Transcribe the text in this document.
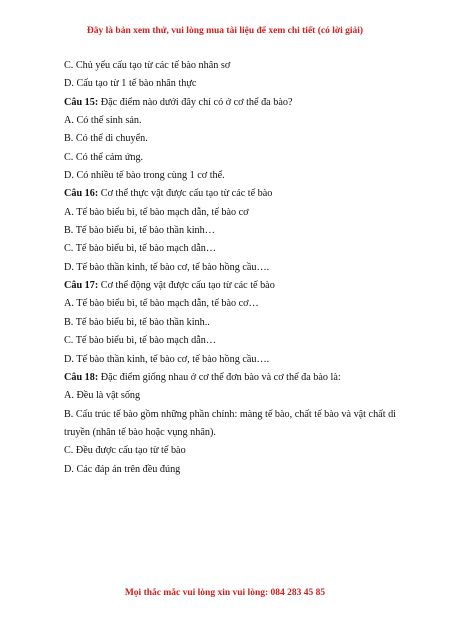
Đây là bản xem thử, vui lòng mua tài liệu để xem chi tiết (có lời giải)
C. Chủ yếu cấu tạo từ các tế bào nhân sơ
D. Cấu tạo từ 1 tế bào nhân thực
Câu 15: Đặc điểm nào dưới đây chỉ có ở cơ thể đa bào?
A. Có thể sinh sản.
B. Có thể di chuyển.
C. Có thể cảm ứng.
D. Có nhiều tế bào trong cùng 1 cơ thể.
Câu 16: Cơ thể thực vật được cấu tạo từ các tế bào
A. Tế bào biểu bì, tế bào mạch dẫn, tế bào cơ
B. Tế bào biểu bì, tế bào thần kinh…
C. Tế bào biểu bì, tế bào mạch dẫn…
D. Tế bào thần kinh, tế bào cơ, tế bào hồng cầu….
Câu 17: Cơ thể động vật được cấu tạo từ các tế bào
A. Tế bào biểu bì, tế bào mạch dẫn, tế bào cơ…
B. Tế bào biểu bì, tế bào thần kinh..
C. Tế bào biểu bì, tế bào mạch dẫn…
D. Tế bào thần kinh, tế bào cơ, tế bào hồng cầu….
Câu 18: Đặc điểm giống nhau ở cơ thể đơn bào và cơ thể đa bào là:
A. Đều là vật sống
B. Cấu trúc tế bào gồm những phần chính: màng tế bào, chất tế bào và vật chất di truyền (nhân tế bào hoặc vụng nhân).
C. Đều được cấu tạo từ tế bào
D. Các đáp án trên đều đúng
Mọi thắc mắc vui lòng xin vui lòng: 084 283 45 85
